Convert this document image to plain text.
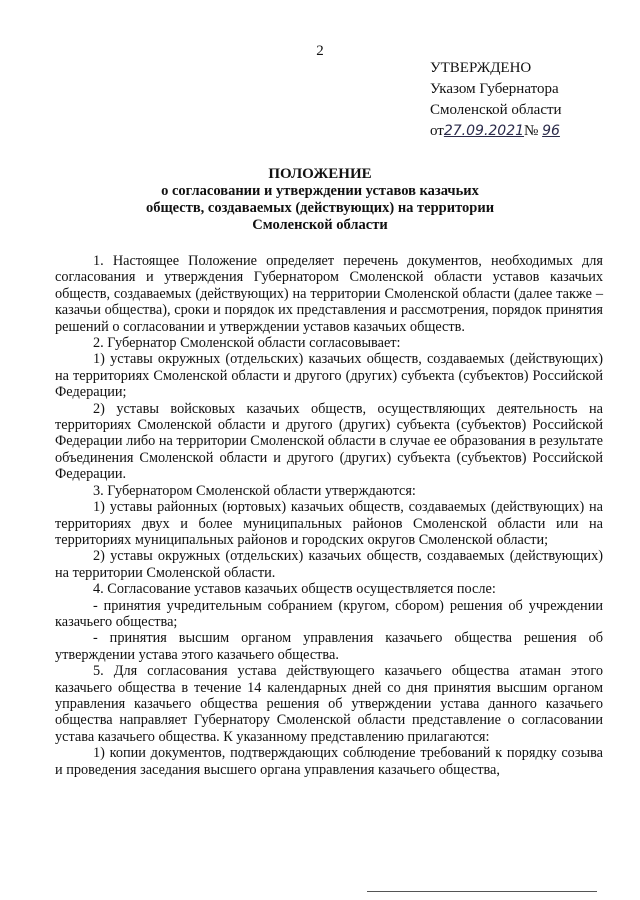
2
УТВЕРЖДЕНО
Указом Губернатора
Смоленской области
от27.09.2021№ 96
ПОЛОЖЕНИЕ
о согласовании и утверждении уставов казачьих
обществ, создаваемых (действующих) на территории
Смоленской области

1. Настоящее Положение определяет перечень документов, необходимых для согласования и утверждения Губернатором Смоленской области уставов казачьих обществ, создаваемых (действующих) на территории Смоленской области (далее также – казачьи общества), сроки и порядок их представления и рассмотрения, порядок принятия решений о согласовании и утверждении уставов казачьих обществ.

2. Губернатор Смоленской области согласовывает:

1) уставы окружных (отдельских) казачьих обществ, создаваемых (действующих) на территориях Смоленской области и другого (других) субъекта (субъектов) Российской Федерации;

2) уставы войсковых казачьих обществ, осуществляющих деятельность на территориях Смоленской области и другого (других) субъекта (субъектов) Российской Федерации либо на территории Смоленской области в случае ее образования в результате объединения Смоленской области и другого (других) субъекта (субъектов) Российской Федерации.

3. Губернатором Смоленской области утверждаются:

1) уставы районных (юртовых) казачьих обществ, создаваемых (действующих) на территориях двух и более муниципальных районов Смоленской области или на территориях муниципальных районов и городских округов Смоленской области;

2) уставы окружных (отдельских) казачьих обществ, создаваемых (действующих) на территории Смоленской области.

4. Согласование уставов казачьих обществ осуществляется после:

- принятия учредительным собранием (кругом, сбором) решения об учреждении казачьего общества;

- принятия высшим органом управления казачьего общества решения об утверждении устава этого казачьего общества.

5. Для согласования устава действующего казачьего общества атаман этого казачьего общества в течение 14 календарных дней со дня принятия высшим органом управления казачьего общества решения об утверждении устава данного казачьего общества направляет Губернатору Смоленской области представление о согласовании устава казачьего общества. К указанному представлению прилагаются:

1) копии документов, подтверждающих соблюдение требований к порядку созыва и проведения заседания высшего органа управления казачьего общества,
